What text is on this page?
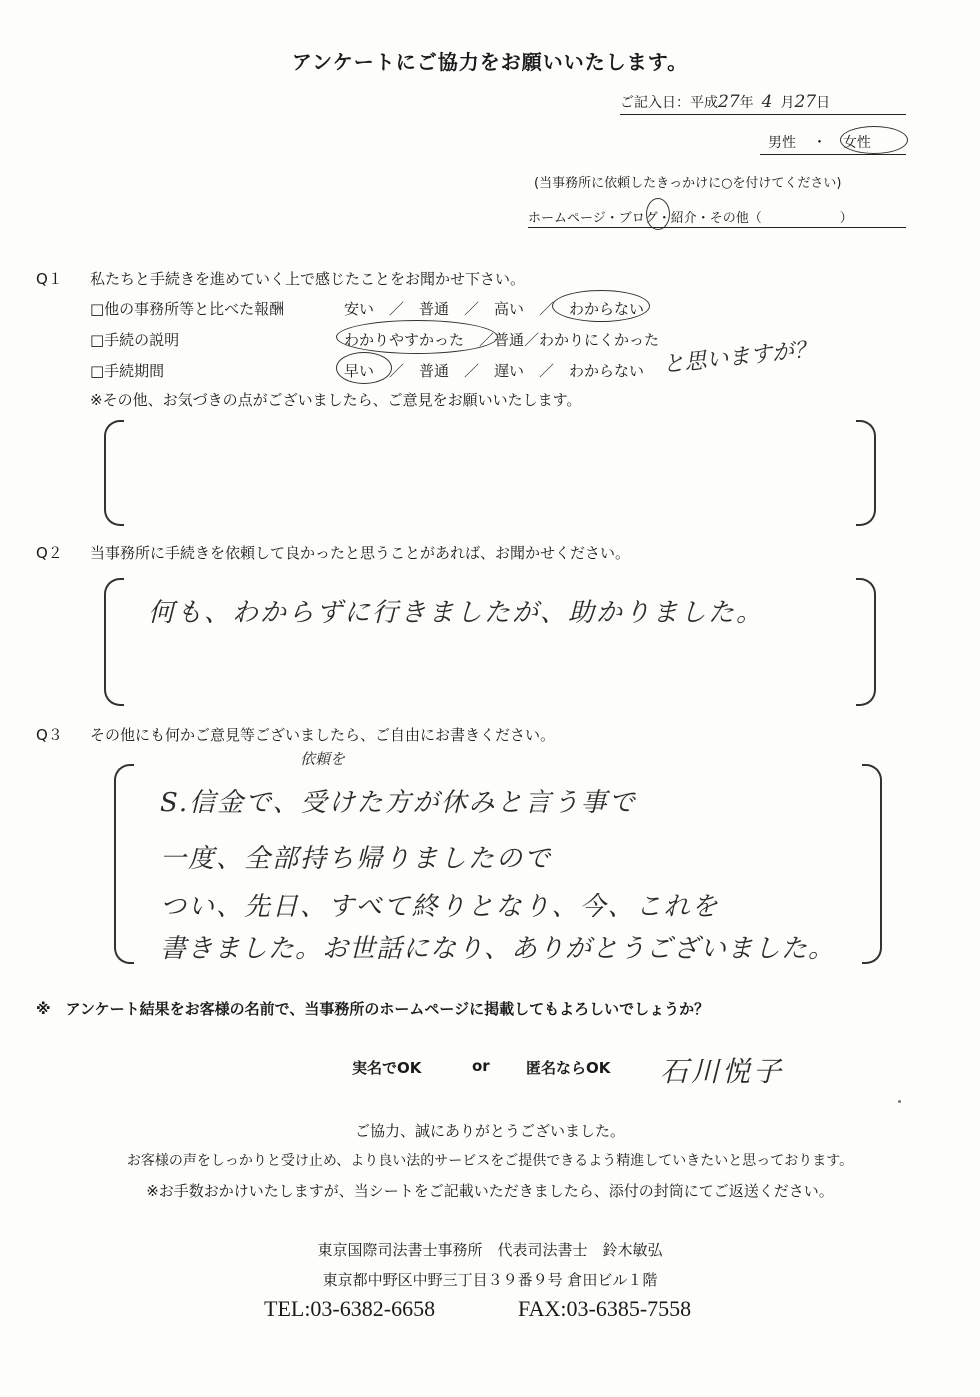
アンケートにご協力をお願いいたします。
ご記入日：平成27年 4 月27日
男性 ・ 女性
(当事務所に依頼したきっかけに○を付けてください)
ホームページ・ブログ・紹介・その他（　　　　　　）
Q１ 私たちと手続きを進めていく上で感じたことをお聞かせ下さい。
□他の事務所等と比べた報酬	安い　／　普通　／　高い　／　わからない
□手続の説明	わかりやすかった　／普通／わかりにくかった
□手続期間	早い　／　普通　／　遅い　／　わからない と思いますが？
※その他、お気づきの点がございましたら、ご意見をお願いいたします。
Q２ 当事務所に手続きを依頼して良かったと思うことがあれば、お聞かせください。
何も、わからずに行きましたが、助かりました。
Q３ その他にも何かご意見等ございましたら、ご自由にお書きください。
依頼を
S.信金で、受けた方が休みと言う事で
一度、全部持ち帰りましたので
つい、先日、すべて終りとなり、今、これを
書きました。お世話になり、ありがとうございました。
※　アンケート結果をお客様の名前で、当事務所のホームページに掲載してもよろしいでしょうか？
実名でOK	or 匿名ならOK 石川悦子
ご協力、誠にありがとうございました。
お客様の声をしっかりと受け止め、より良い法的サービスをご提供できるよう精進していきたいと思っております。
※お手数おかけいたしますが、当シートをご記載いただきましたら、添付の封筒にてご返送ください。
東京国際司法書士事務所　代表司法書士　鈴木敏弘
東京都中野区中野三丁目３９番９号 倉田ビル１階
TEL:03-6382-6658	FAX:03-6385-7558
